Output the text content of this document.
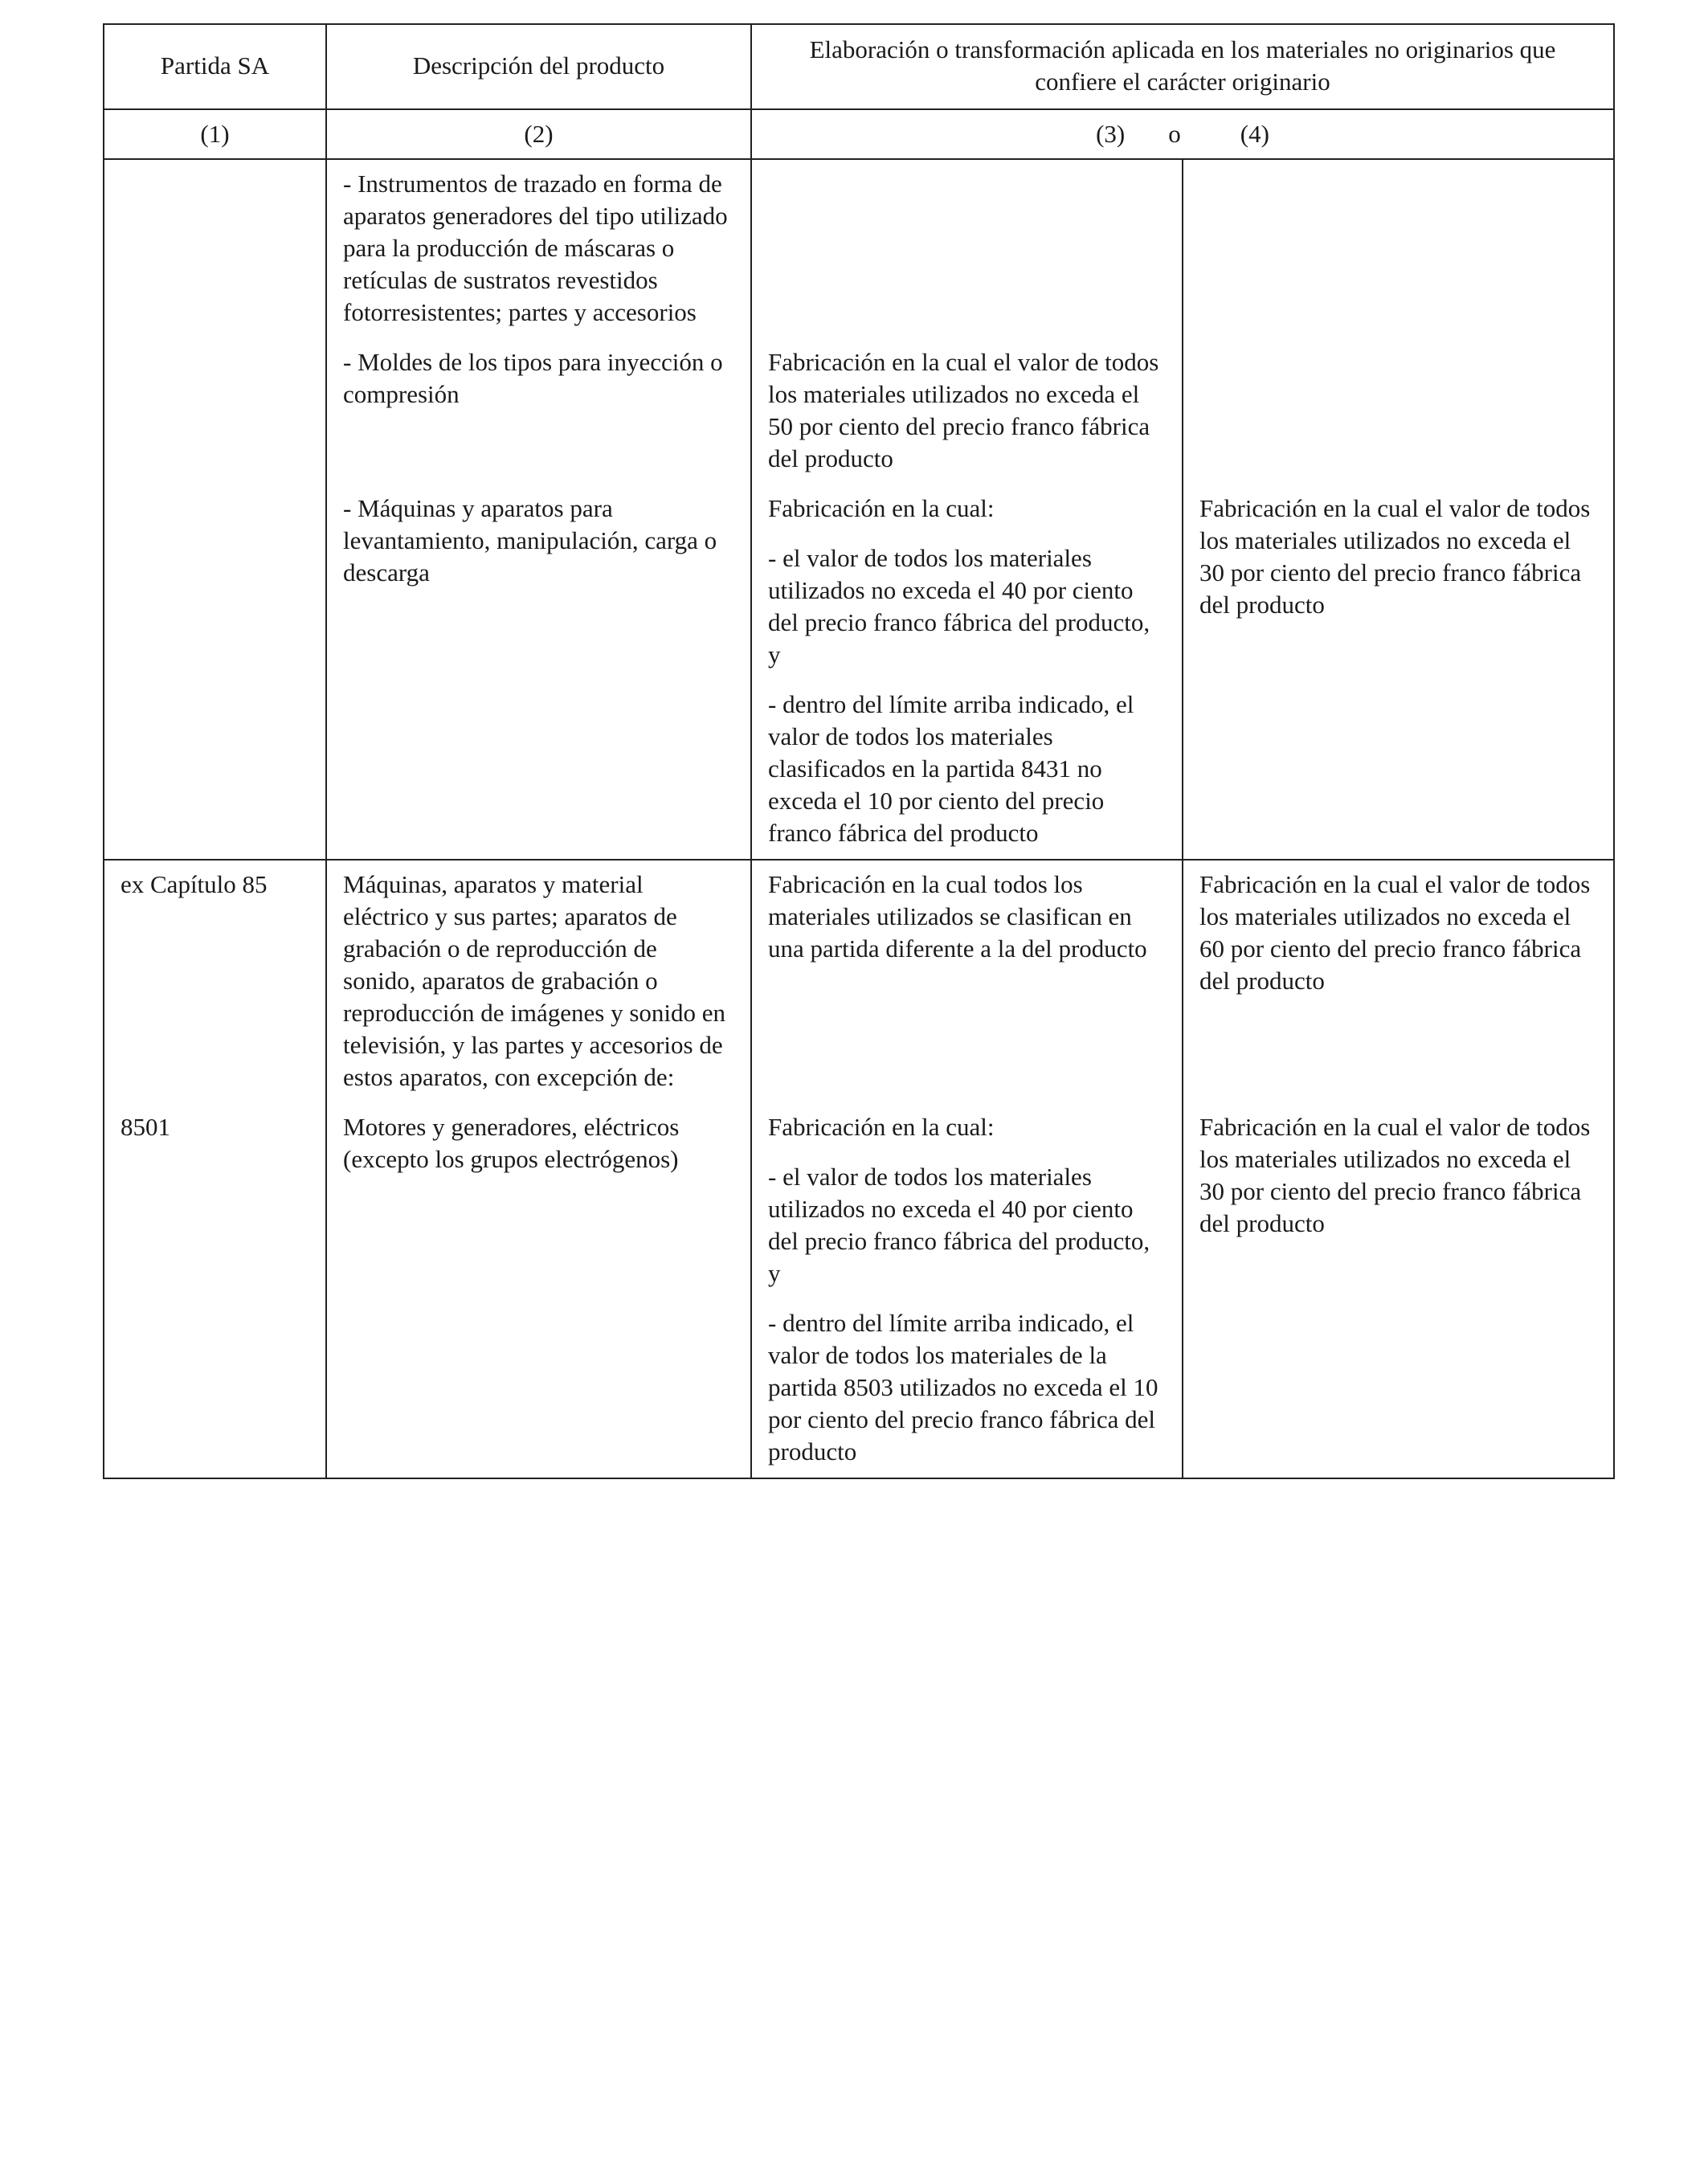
Partida SA	Descripción del producto	Elaboración o transformación aplicada en los materiales no originarios que confiere el carácter originario	
(1)	(2)	(3) o (4)	

	- Instrumentos de trazado en forma de aparatos generadores del tipo utilizado para la producción de máscaras o retículas de sustratos revestidos fotorresistentes; partes y accesorios		

	- Moldes de los tipos para inyección o compresión	Fabricación en la cual el valor de todos los materiales utilizados no exceda el 50 por ciento del precio franco fábrica del producto	

	- Máquinas y aparatos para levantamiento, manipulación, carga o descarga	Fabricación en la cual:

- el valor de todos los materiales utilizados no exceda el 40 por ciento del precio franco fábrica del producto, y

- dentro del límite arriba indicado, el valor de todos los materiales clasificados en la partida 8431 no exceda el 10 por ciento del precio franco fábrica del producto	Fabricación en la cual el valor de todos los materiales utilizados no exceda el 30 por ciento del precio franco fábrica del producto

ex Capítulo 85	Máquinas, aparatos y material eléctrico y sus partes; aparatos de grabación o de reproducción de sonido, aparatos de grabación o reproducción de imágenes y sonido en televisión, y las partes y accesorios de estos aparatos, con excepción de:	Fabricación en la cual todos los materiales utilizados se clasifican en una partida diferente a la del producto	Fabricación en la cual el valor de todos los materiales utilizados no exceda el 60 por ciento del precio franco fábrica del producto

8501	Motores y generadores, eléctricos (excepto los grupos electrógenos)	Fabricación en la cual:

- el valor de todos los materiales utilizados no exceda el 40 por ciento del precio franco fábrica del producto, y

- dentro del límite arriba indicado, el valor de todos los materiales de la partida 8503 utilizados no exceda el 10 por ciento del precio franco fábrica del producto	Fabricación en la cual el valor de todos los materiales utilizados no exceda el 30 por ciento del precio franco fábrica del producto
